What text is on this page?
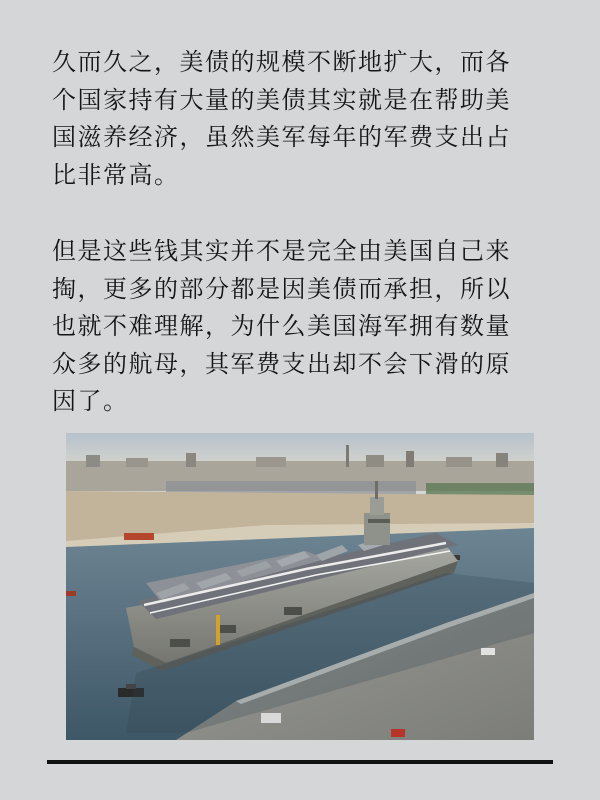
久而久之，美债的规模不断地扩大，而各
个国家持有大量的美债其实就是在帮助美
国滋养经济，虽然美军每年的军费支出占
比非常高。

但是这些钱其实并不是完全由美国自己来
掏，更多的部分都是因美债而承担，所以
也就不难理解，为什么美国海军拥有数量
众多的航母，其军费支出却不会下滑的原
因了。
